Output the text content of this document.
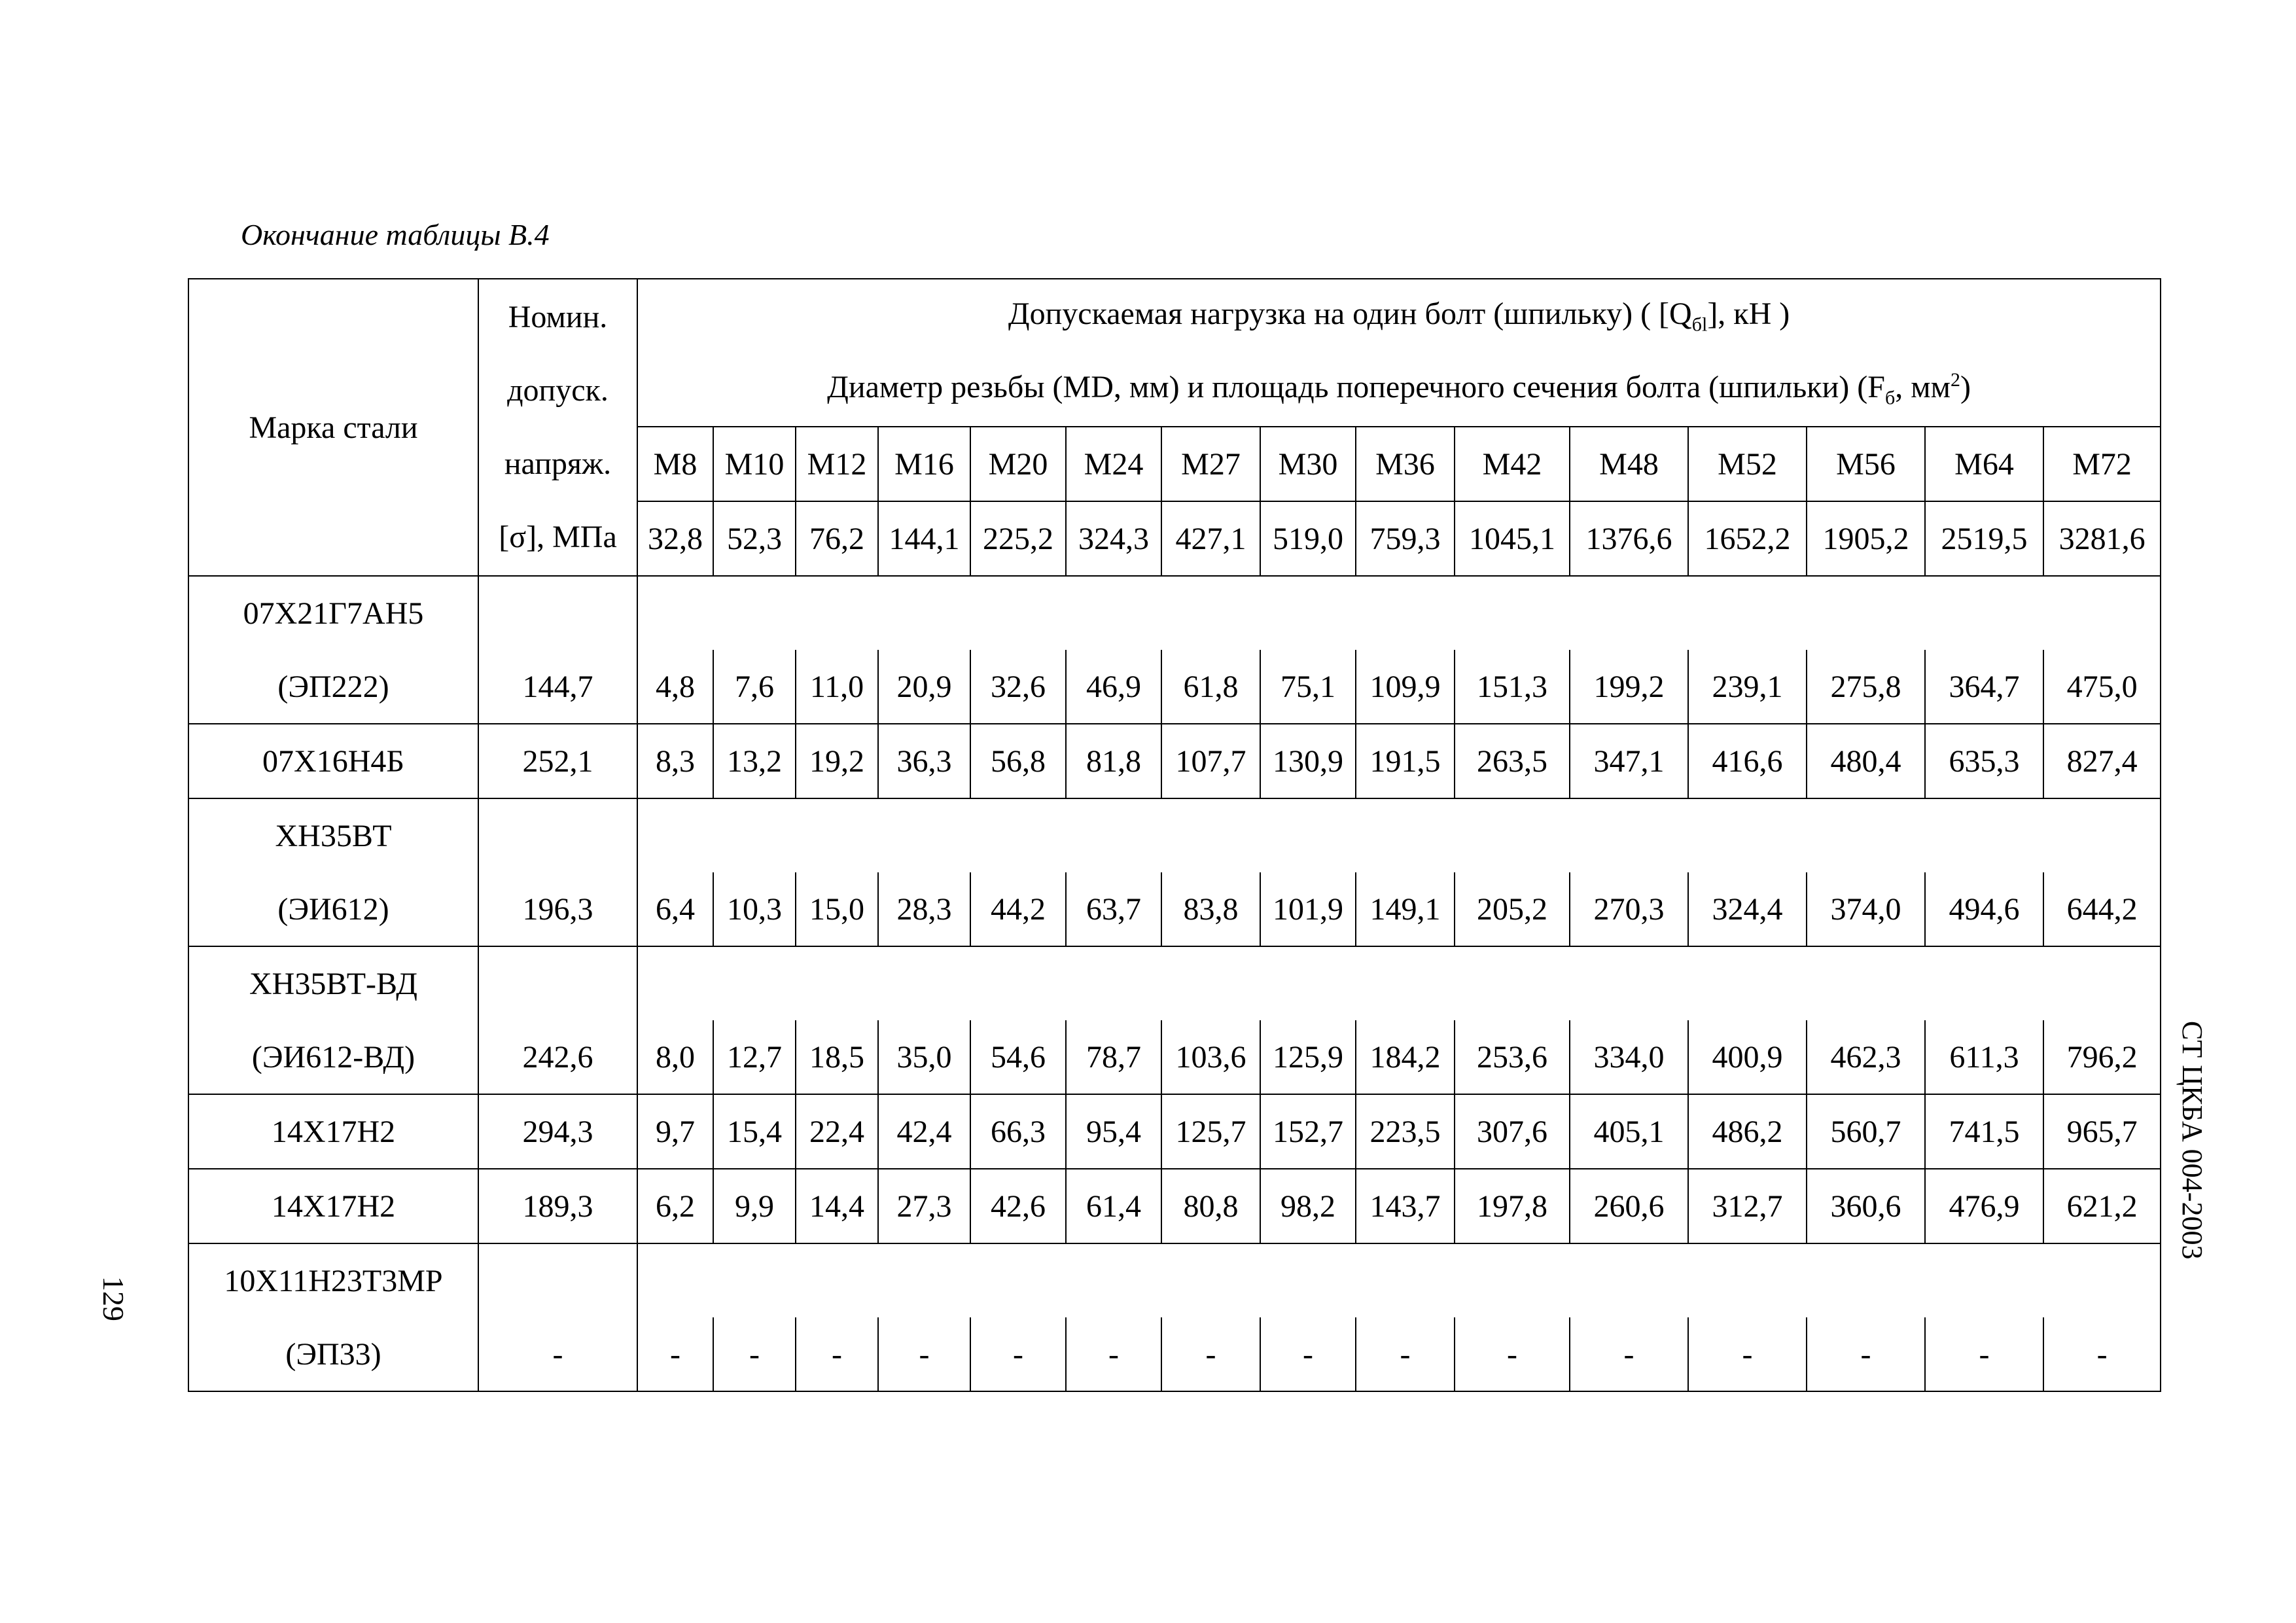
Окончание таблицы В.4
Марка стали	Номин.
допуск.
напряж.
[σ], МПа	Допускаемая нагрузка на один болт (шпильку) ( $[Q_{бl}]$, кН )														
		Диаметр резьбы (MD, мм) и площадь поперечного сечения болта (шпильки) ($F_б$, $мм^2$)														
		M8	M10	M12	M16	M20	M24	M27	M30	M36	M42	M48	M52	M56	M64	M72
		32,8	52,3	76,2	144,1	225,2	324,3	427,1	519,0	759,3	1045,1	1376,6	1652,2	1905,2	2519,5	3281,6
07Х21Г7АН5																
(ЭП222)	144,7	4,8	7,6	11,0	20,9	32,6	46,9	61,8	75,1	109,9	151,3	199,2	239,1	275,8	364,7	475,0
07Х16Н4Б	252,1	8,3	13,2	19,2	36,3	56,8	81,8	107,7	130,9	191,5	263,5	347,1	416,6	480,4	635,3	827,4
ХН35ВТ																
(ЭИ612)	196,3	6,4	10,3	15,0	28,3	44,2	63,7	83,8	101,9	149,1	205,2	270,3	324,4	374,0	494,6	644,2
ХН35ВТ-ВД																
(ЭИ612-ВД)	242,6	8,0	12,7	18,5	35,0	54,6	78,7	103,6	125,9	184,2	253,6	334,0	400,9	462,3	611,3	796,2
14Х17Н2	294,3	9,7	15,4	22,4	42,4	66,3	95,4	125,7	152,7	223,5	307,6	405,1	486,2	560,7	741,5	965,7
14Х17Н2	189,3	6,2	9,9	14,4	27,3	42,6	61,4	80,8	98,2	143,7	197,8	260,6	312,7	360,6	476,9	621,2
10Х11Н23Т3МР																
(ЭП33)	-	-	-	-	-	-	-	-	-	-	-	-	-	-	-	-
СТ ЦКБА 004-2003
129
